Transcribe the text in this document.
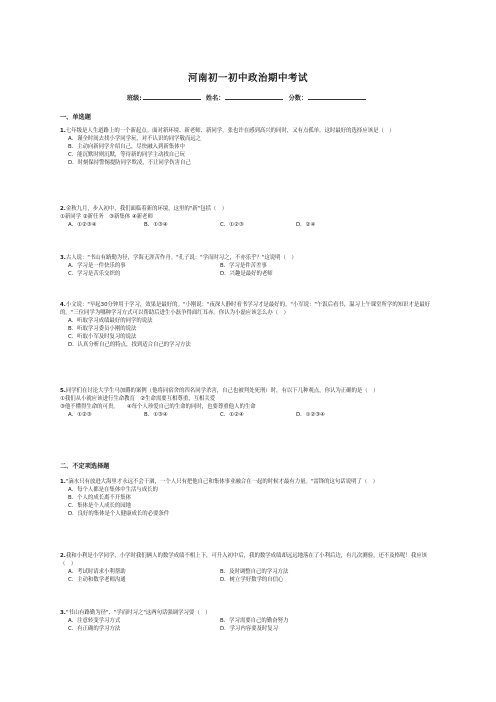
河南初一初中政治期中考试
班级:	姓名：	分数：
一、单选题

1.七年级是人生道路上的一个新起点。面对新环境、新老师、新同学，张也许在感到高兴的同时，又有点孤单。这时最好的选择应该是（　）

A．谨全时间去找小学同学玩，对不认识的同学敬而远之

B．主动向新同学介绍自己，尽快融入到新集体中

C．能沉默时则沉默，等待新的同学主动找自己玩

D．时刻保持警惕提防同学欺凌，不让同学伤害自己

2.金秋九月，步入初中，我们面临着新的环境，这里的"新"包括（　）

①新同学 ②新任务　③新集体 ④新老师

A．①②③④	B．①③④	C．①②③	D．②④

3.古人说："书山有路勤为径，学海无涯苦作舟。"孔子说："学而时习之，不亦乐乎？"这说明（　）

A．学习是一件快乐的事	B．学习是件苦差事
C．学习是苦乐交织的	D．兴趣是最好的老师

4.小文说："早起30分钟用于学习，效果是最好的。"小刚说："夜深人静时看书学习才是最好的。"小军说："午饭后看书，温习上午课堂所学的知识才是最好的。"三位同学为哪种学习方式可以帮助后进生小磊争得面红耳赤。你认为小磊应该怎么办（　）

A．听取学习成绩最好的同学的说法

B．听取学习委员小刚的说法

C．听取小军及时复习的说法

D．认真分析自己的特点，找到适合自己的学习方法

5.同学们在讨论大学生马加爵的案例（他将同宿舍的四名同学杀害，自己也被判处死刑）时，有以下几种观点，你认为正确的是（　）

①我们从小就应该进行生命教育　②生命需要互相尊重，互相关爱

③他不懂得生命的可贵。　　④每个人珍爱自己的生命的同时，也要尊重他人的生命

A．①②③	B．①③④	C．①②④	D．①②③④
二、不定项选择题

1."滴水只有放进大海里才永远不会干涸，一个人只有把他自己和集体事业融合在一起的时候才最有力量。"雷锋的这句话说明了（　）

A．每个人都是在集体中生活与成长的

B．个人的成长离不开集体

C．集体是个人成长的园地

D．良好的集体是个人健康成长的必要条件

2.我和小利是小学同学，小学时我们俩人的数学成绩不相上下，可升入初中后，我的数学成绩却远远地落在了小利后边，有几次测验，还不及格呢！我应该（　）

A．考试时请求小利帮助	B．及时调整自己的学习方法
C．主动和数学老师沟通	D．树立学好数学的自信心

3."书山有路勤为径"、"学而时习之"这两句话强调学习要（　）

A．注意转变学习方式	B．学习需要自己的勤奋努力
C．有正确的学习方法	D．学习内容要及时复习
